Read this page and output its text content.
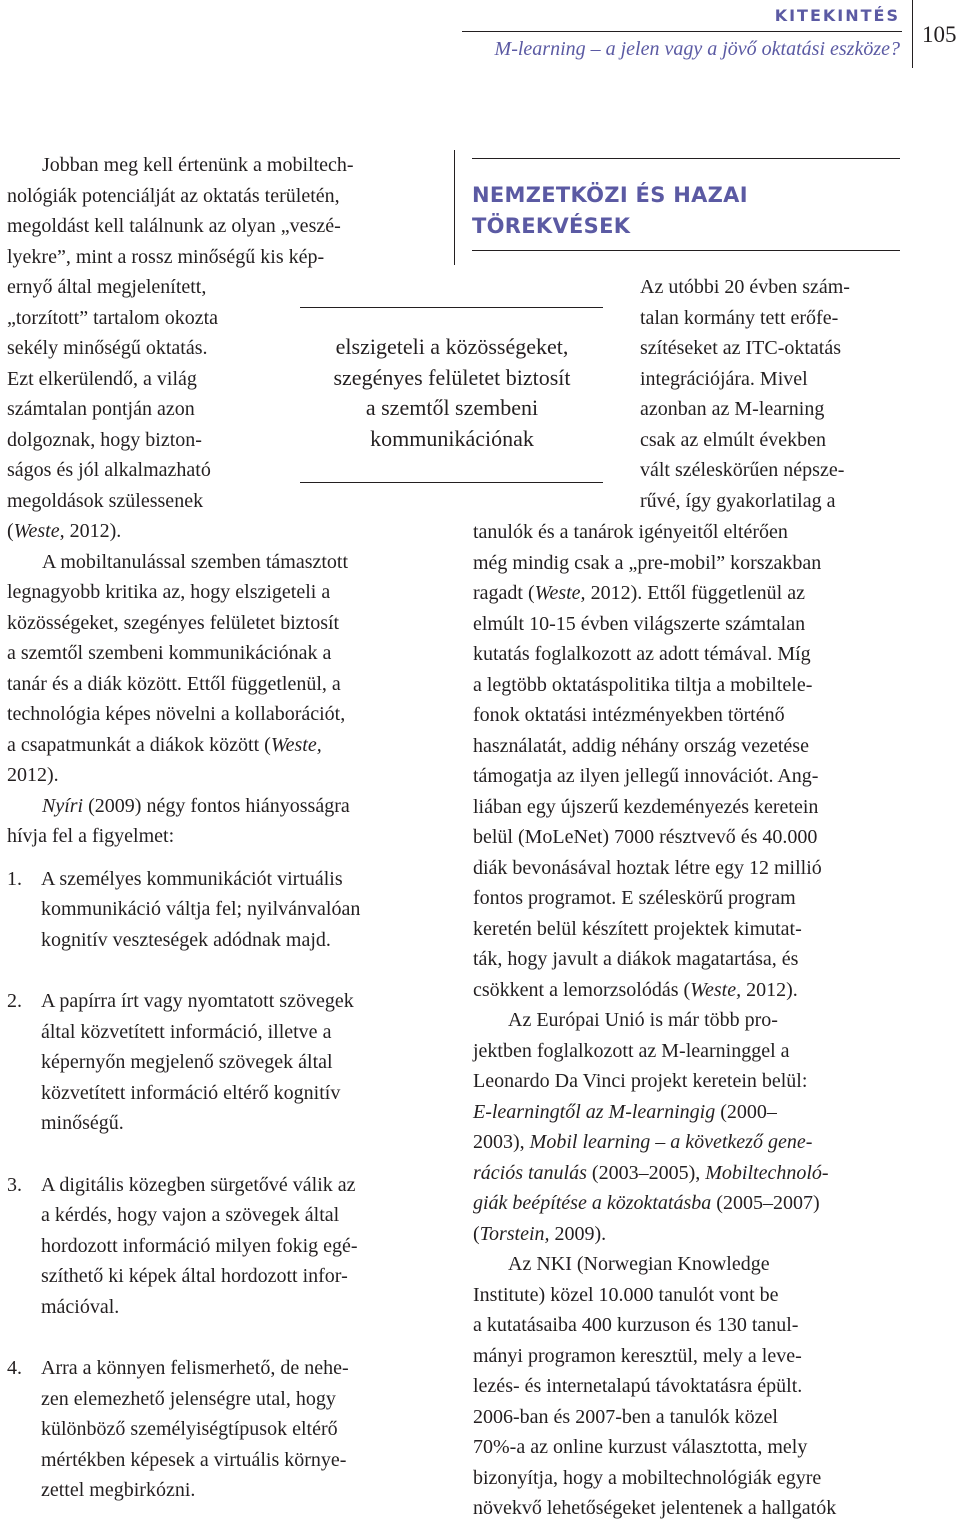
KITEKINTÉS
M-learning – a jelen vagy a jövő oktatási eszköze?
105
Jobban meg kell értenünk a mobiltech-
nológiák potenciálját az oktatás területén,
megoldást kell találnunk az olyan „veszé-
lyekre”, mint a rossz minőségű kis kép-
ernyő által megjelenített,
„torzított” tartalom okozta
sekély minőségű oktatás.
Ezt elkerülendő, a világ
számtalan pontján azon
dolgoznak, hogy bizton-
ságos és jól alkalmazható
megoldások szülessenek
(Weste, 2012).
A mobiltanulással szemben támasztott
legnagyobb kritika az, hogy elszigeteli a
közösségeket, szegényes felületet biztosít
a szemtől szembeni kommunikációnak a
tanár és a diák között. Ettől függetlenül, a
technológia képes növelni a kollaborációt,
a csapatmunkát a diákok között (Weste,
2012).
Nyíri (2009) négy fontos hiányosságra
hívja fel a figyelmet:
1. A személyes kommunikációt virtuális
kommunikáció váltja fel; nyilvánvalóan
kognitív veszteségek adódnak majd.
2. A papírra írt vagy nyomtatott szövegek
által közvetített információ, illetve a
képernyőn megjelenő szövegek által
közvetített információ eltérő kognitív
minőségű.
3. A digitális közegben sürgetővé válik az
a kérdés, hogy vajon a szövegek által
hordozott információ milyen fokig egé-
szíthető ki képek által hordozott infor-
mációval.
4. Arra a könnyen felismerhető, de nehe-
zen elemezhető jelenségre utal, hogy
különböző személyiségtípusok eltérő
mértékben képesek a virtuális környe-
zettel megbirkózni.
elszigeteli a közösségeket,
szegényes felületet biztosít
a szemtől szembeni
kommunikációnak
NEMZETKÖZI ÉS HAZAI
TÖREKVÉSEK
Az utóbbi 20 évben szám-
talan kormány tett erőfe-
szítéseket az ITC-oktatás
integrációjára. Mivel
azonban az M-learning
csak az elmúlt években
vált széleskörűen népsze-
rűvé, így gyakorlatilag a
tanulók és a tanárok igényeitől eltérően
még mindig csak a „pre-mobil” korszakban
ragadt (Weste, 2012). Ettől függetlenül az
elmúlt 10-15 évben világszerte számtalan
kutatás foglalkozott az adott témával. Míg
a legtöbb oktatáspolitika tiltja a mobiltele-
fonok oktatási intézményekben történő
használatát, addig néhány ország vezetése
támogatja az ilyen jellegű innovációt. Ang-
liában egy újszerű kezdeményezés keretein
belül (MoLeNet) 7000 résztvevő és 40.000
diák bevonásával hoztak létre egy 12 millió
fontos programot. E széleskörű program
keretén belül készített projektek kimutat-
ták, hogy javult a diákok magatartása, és
csökkent a lemorzsolódás (Weste, 2012).
Az Európai Unió is már több pro-
jektben foglalkozott az M-learninggel a
Leonardo Da Vinci projekt keretein belül:
E-learningtől az M-learningig (2000–
2003), Mobil learning – a következő gene-
rációs tanulás (2003–2005), Mobiltechnoló-
giák beépítése a közoktatásba (2005–2007)
(Torstein, 2009).
Az NKI (Norwegian Knowledge
Institute) közel 10.000 tanulót vont be
a kutatásaiba 400 kurzuson és 130 tanul-
mányi programon keresztül, mely a leve-
lezés- és internetalapú távoktatásra épült.
2006-ban és 2007-ben a tanulók közel
70%-a az online kurzust választotta, mely
bizonyítja, hogy a mobiltechnológiák egyre
növekvő lehetőségeket jelentenek a hallgatók
